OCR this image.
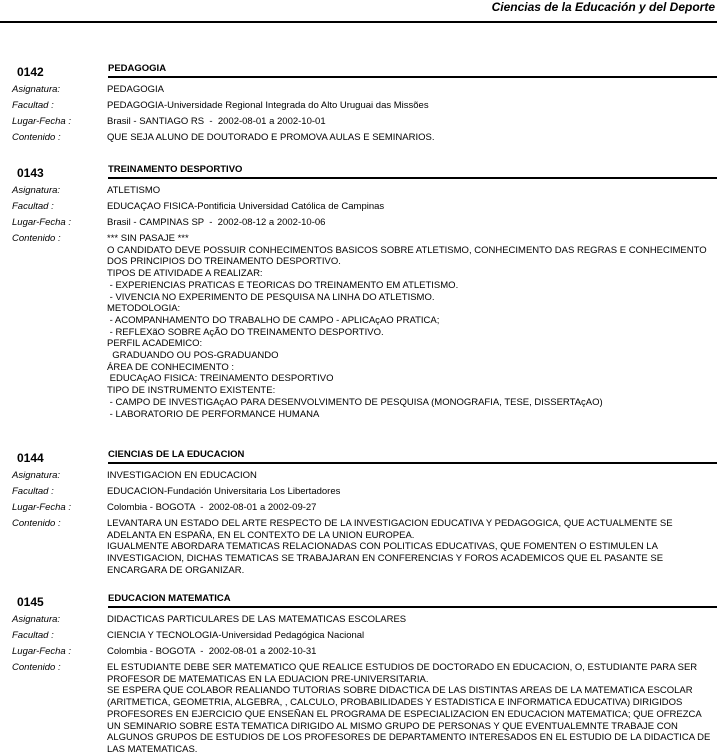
Ciencias de la Educación y del Deporte
0142	PEDAGOGIA
Asignatura:	PEDAGOGIA
Facultad :	PEDAGOGIA-Universidade Regional Integrada do Alto Uruguai das Missões
Lugar-Fecha :	Brasil - SANTIAGO RS  -  2002-08-01 a 2002-10-01
Contenido :	QUE SEJA ALUNO DE DOUTORADO E PROMOVA AULAS E SEMINARIOS.
0143	TREINAMENTO DESPORTIVO
Asignatura:	ATLETISMO
Facultad :	EDUCAÇAO FISICA-Pontificia Universidad Católica de Campinas
Lugar-Fecha :	Brasil - CAMPINAS SP  -  2002-08-12 a 2002-10-06
Contenido :	*** SIN PASAJE ***
O CANDIDATO DEVE POSSUIR CONHECIMENTOS BASICOS SOBRE ATLETISMO, CONHECIMENTO DAS REGRAS E CONHECIMENTO DOS PRINCIPIOS DO TREINAMENTO DESPORTIVO.
TIPOS DE ATIVIDADE A REALIZAR:
- EXPERIENCIAS PRATICAS E TEORICAS DO TREINAMENTO EM ATLETISMO.
- VIVENCIA NO EXPERIMENTO DE PESQUISA NA LINHA DO ATLETISMO.
METODOLOGIA:
- ACOMPANHAMENTO DO TRABALHO DE CAMPO - APLICAçAO PRATICA;
- REFLEXãO SOBRE AçÃO DO TREINAMENTO DESPORTIVO.
PERFIL ACADEMICO:
GRADUANDO OU POS-GRADUANDO
ÁREA DE CONHECIMENTO :
EDUCAçAO FISICA: TREINAMENTO DESPORTIVO
TIPO DE INSTRUMENTO EXISTENTE:
- CAMPO DE INVESTIGAçAO PARA DESENVOLVIMENTO DE PESQUISA (MONOGRAFIA, TESE, DISSERTAçAO)
- LABORATORIO DE PERFORMANCE HUMANA
0144	CIENCIAS DE LA EDUCACION
Asignatura:	INVESTIGACION EN EDUCACION
Facultad :	EDUCACION-Fundación Universitaria Los Libertadores
Lugar-Fecha :	Colombia - BOGOTA  -  2002-08-01 a 2002-09-27
Contenido :	LEVANTARA UN ESTADO DEL ARTE RESPECTO DE LA INVESTIGACION EDUCATIVA Y PEDAGOGICA, QUE ACTUALMENTE SE ADELANTA EN ESPAÑA, EN EL CONTEXTO DE LA UNION EUROPEA.
IGUALMENTE ABORDARA TEMATICAS RELACIONADAS CON POLITICAS EDUCATIVAS, QUE FOMENTEN O ESTIMULEN LA INVESTIGACION, DICHAS TEMATICAS SE TRABAJARAN EN CONFERENCIAS Y FOROS ACADEMICOS QUE EL PASANTE SE ENCARGARA DE ORGANIZAR.
0145	EDUCACION MATEMATICA
Asignatura:	DIDACTICAS PARTICULARES DE LAS MATEMATICAS ESCOLARES
Facultad :	CIENCIA Y TECNOLOGIA-Universidad Pedagógica Nacional
Lugar-Fecha :	Colombia - BOGOTA  -  2002-08-01 a 2002-10-31
Contenido :	EL ESTUDIANTE DEBE SER MATEMATICO QUE REALICE ESTUDIOS DE DOCTORADO EN EDUCACION, O, ESTUDIANTE PARA SER PROFESOR DE MATEMATICAS EN LA EDUACION PRE-UNIVERSITARIA.
SE ESPERA QUE COLABOR REALIANDO TUTORIAS SOBRE DIDACTICA DE LAS DISTINTAS AREAS DE LA MATEMATICA ESCOLAR (ARITMETICA, GEOMETRIA, ALGEBRA, , CALCULO, PROBABILIDADES Y ESTADISTICA E INFORMATICA EDUCATIVA) DIRIGIDOS PROFESORES EN EJERCICIO QUE ENSEÑAN EL PROGRAMA DE ESPECIALIZACION EN EDUCACION MATEMATICA; QUE OFREZCA UN SEMINARIO SOBRE ESTA TEMATICA DIRIGIDO AL MISMO GRUPO DE PERSONAS Y QUE EVENTUALEMNTE TRABAJE CON ALGUNOS GRUPOS DE ESTUDIOS DE LOS PROFESORES DE DEPARTAMENTO INTERESADOS EN EL ESTUDIO DE LA DIDACTICA DE LAS MATEMATICAS.
